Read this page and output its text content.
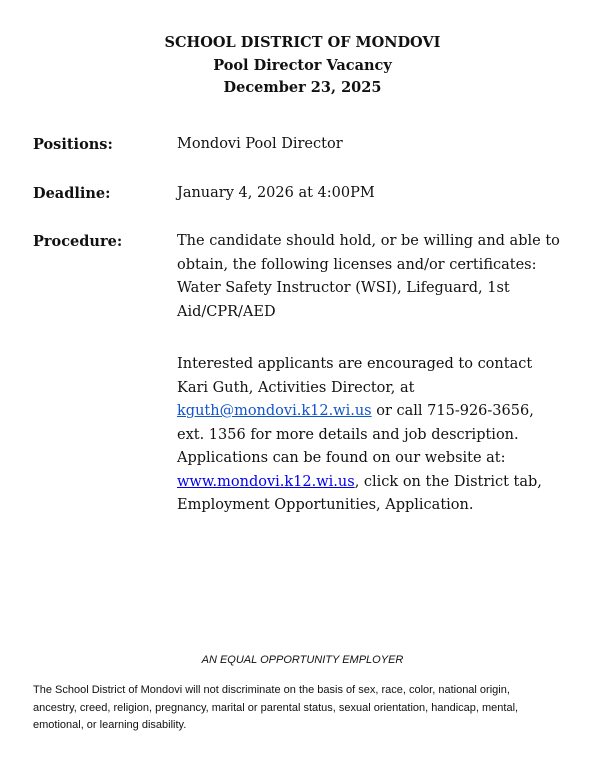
SCHOOL DISTRICT OF MONDOVI
Pool Director Vacancy
December 23, 2025
Positions:	Mondovi Pool Director
Deadline:	January 4, 2026 at 4:00PM
Procedure:	The candidate should hold, or be willing and able to
obtain, the following licenses and/or certificates:
Water Safety Instructor (WSI), Lifeguard, 1st
Aid/CPR/AED
Interested applicants are encouraged to contact
Kari Guth, Activities Director, at
kguth@mondovi.k12.wi.us or call 715-926-3656,
ext. 1356 for more details and job description.
Applications can be found on our website at:
www.mondovi.k12.wi.us, click on the District tab,
Employment Opportunities, Application.
AN EQUAL OPPORTUNITY EMPLOYER
The School District of Mondovi will not discriminate on the basis of sex, race, color, national origin,
ancestry, creed, religion, pregnancy, marital or parental status, sexual orientation, handicap, mental,
emotional, or learning disability.
